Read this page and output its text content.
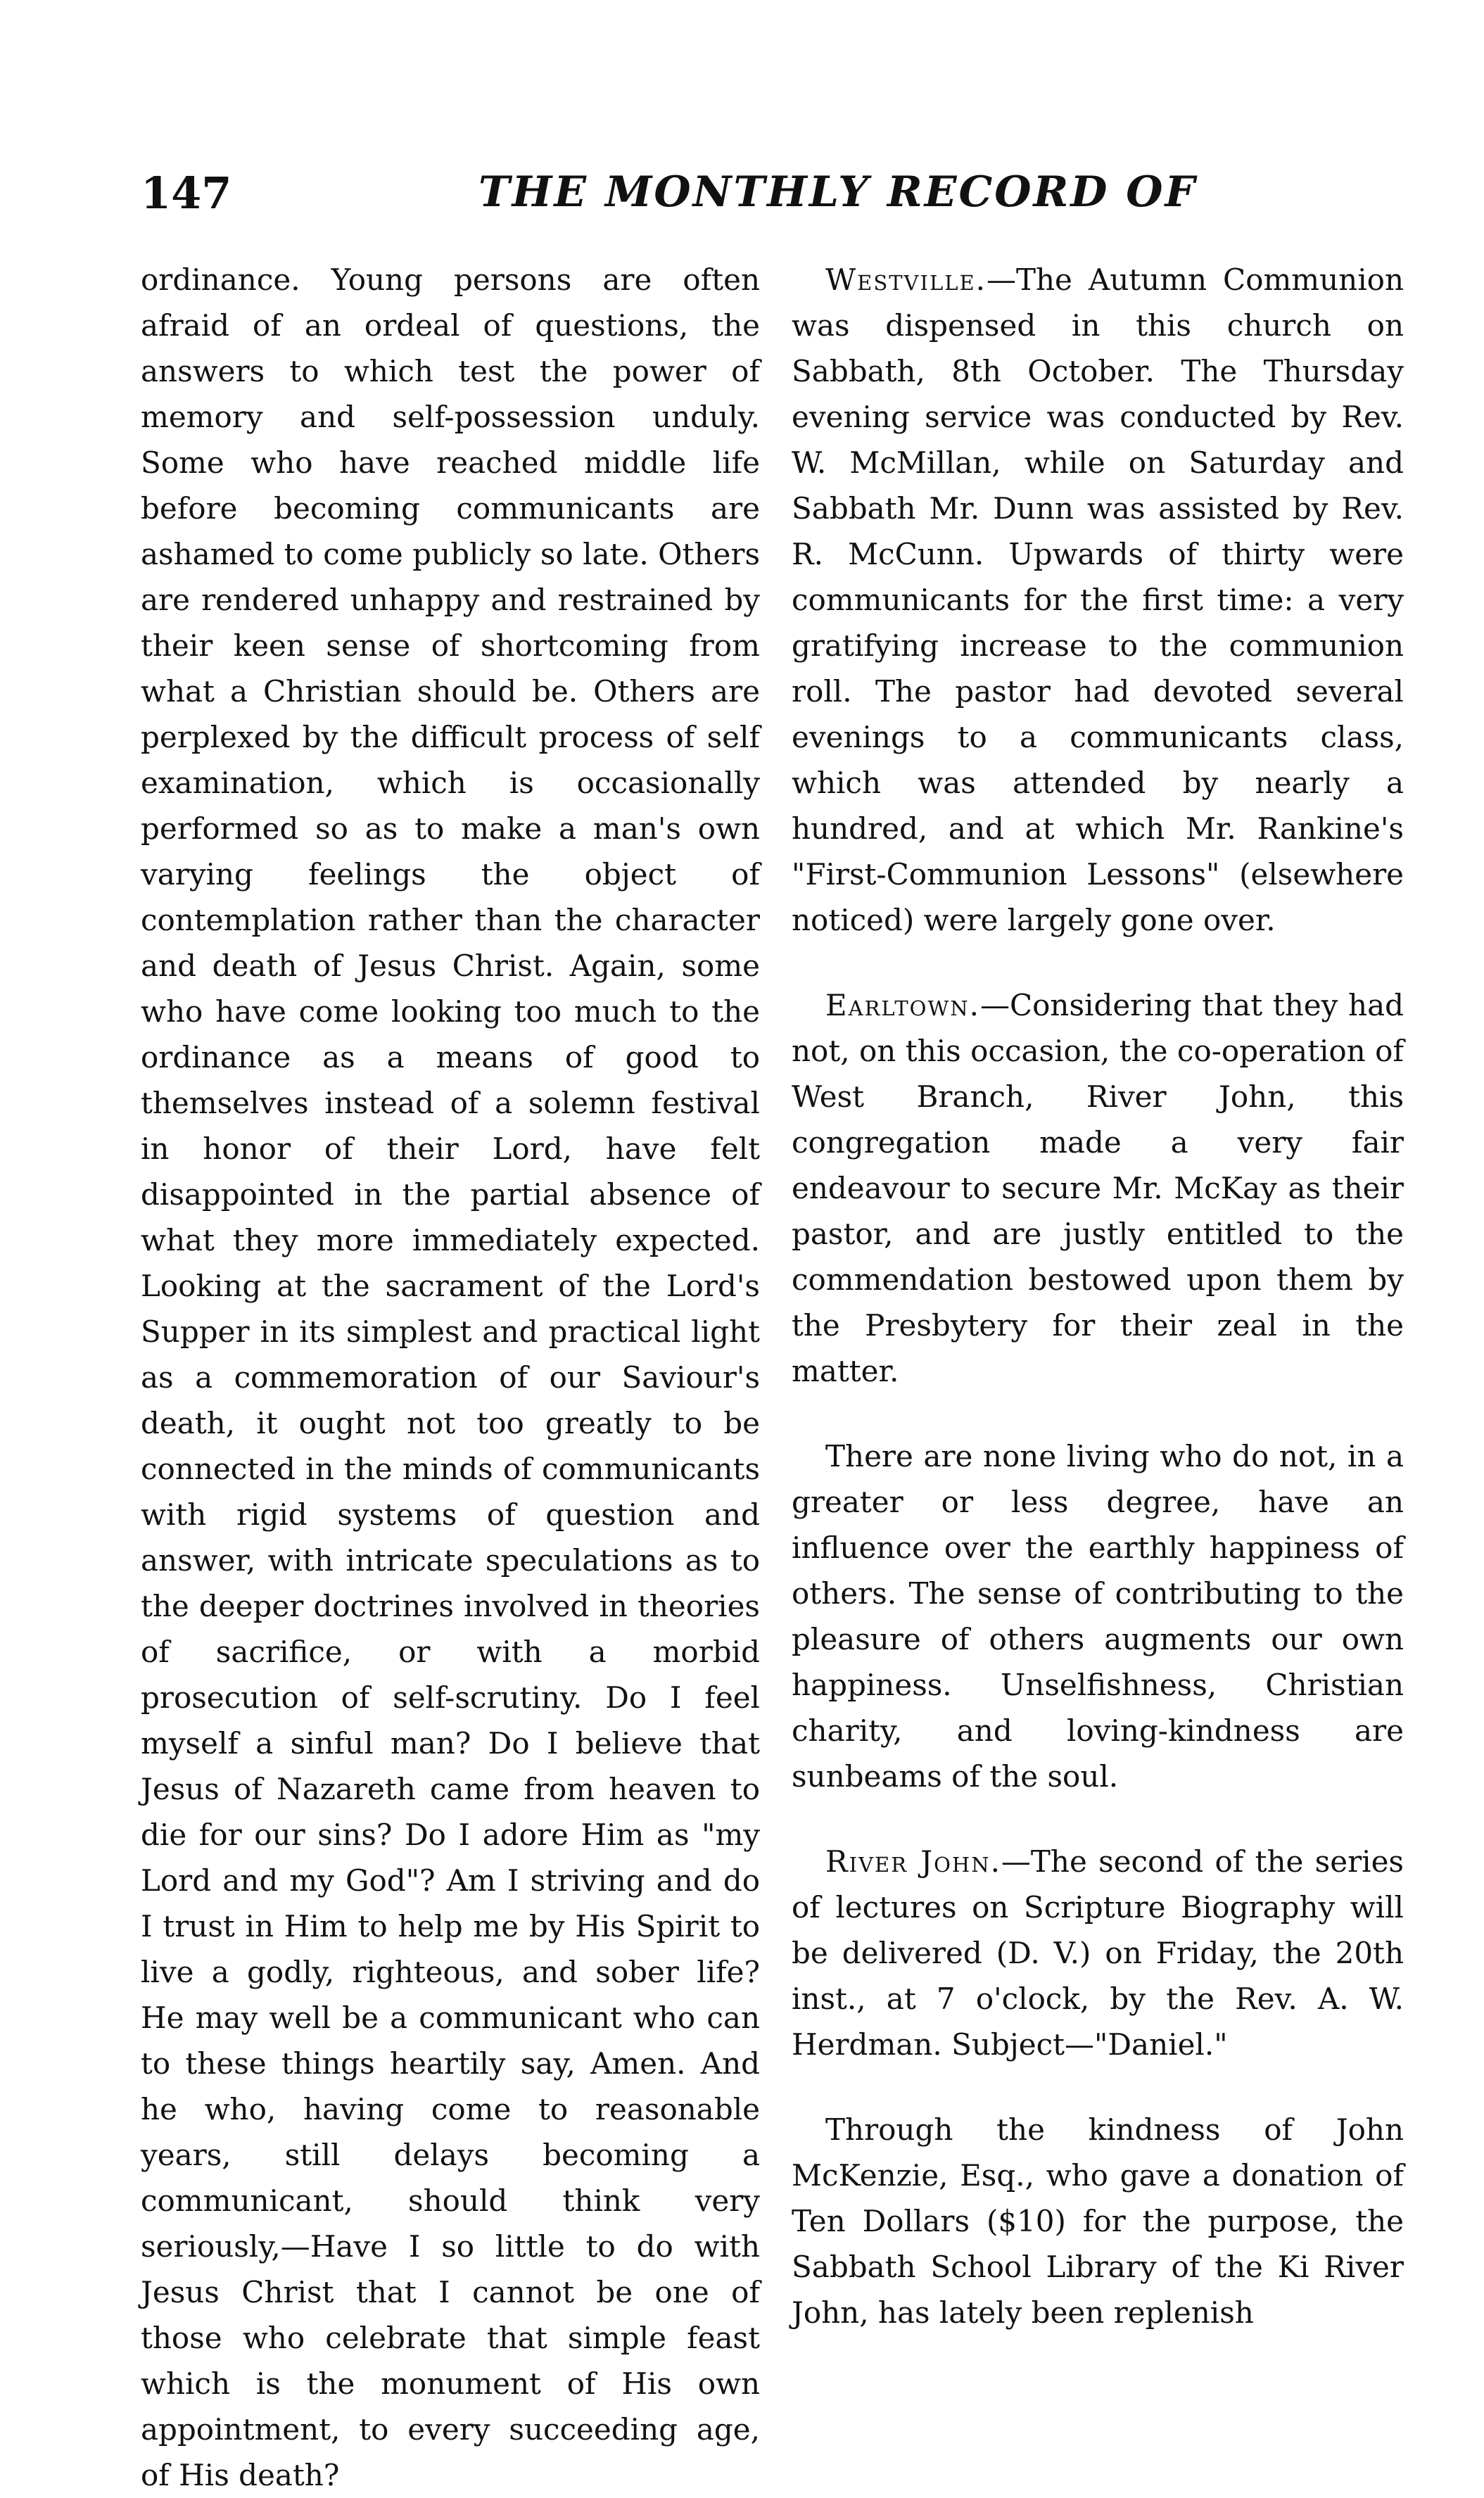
147	THE MONTHLY RECORD OF

ordinance. Young persons are often afraid of an ordeal of questions, the answers to which test the power of memory and self-possession unduly. Some who have reached middle life before becoming communicants are ashamed to come publicly so late. Others are rendered unhappy and restrained by their keen sense of shortcoming from what a Christian should be. Others are perplexed by the difficult process of self examination, which is occasionally performed so as to make a man's own varying feelings the object of contemplation rather than the character and death of Jesus Christ. Again, some who have come looking too much to the ordinance as a means of good to themselves instead of a solemn festival in honor of their Lord, have felt disappointed in the partial absence of what they more immediately expected. Looking at the sacrament of the Lord's Supper in its simplest and practical light as a commemoration of our Saviour's death, it ought not too greatly to be connected in the minds of communicants with rigid systems of question and answer, with intricate speculations as to the deeper doctrines involved in theories of sacrifice, or with a morbid prosecution of self-scrutiny. Do I feel myself a sinful man? Do I believe that Jesus of Nazareth came from heaven to die for our sins? Do I adore Him as "my Lord and my God"? Am I striving and do I trust in Him to help me by His Spirit to live a godly, righteous, and sober life? He may well be a communicant who can to these things heartily say, Amen. And he who, having come to reasonable years, still delays becoming a communicant, should think very seriously,—Have I so little to do with Jesus Christ that I cannot be one of those who celebrate that simple feast which is the monument of His own appointment, to every succeeding age, of His death?

Westville.—The Autumn Communion was dispensed in this church on Sabbath, 8th October. The Thursday evening service was conducted by Rev. W. McMillan, while on Saturday and Sabbath Mr. Dunn was assisted by Rev. R. McCunn. Upwards of thirty were communicants for the first time: a very gratifying increase to the communion roll. The pastor had devoted several evenings to a communicants class, which was attended by nearly a hundred, and at which Mr. Rankine's "First-Communion Lessons" (elsewhere noticed) were largely gone over.

Earltown.—Considering that they had not, on this occasion, the co-operation of West Branch, River John, this congregation made a very fair endeavour to secure Mr. McKay as their pastor, and are justly entitled to the commendation bestowed upon them by the Presbytery for their zeal in the matter.

There are none living who do not, in a greater or less degree, have an influence over the earthly happiness of others. The sense of contributing to the pleasure of others augments our own happiness. Unselfishness, Christian charity, and loving-kindness are sunbeams of the soul.

River John.—The second of the series of lectures on Scripture Biography will be delivered (D. V.) on Friday, the 20th inst., at 7 o'clock, by the Rev. A. W. Herdman. Subject—"Daniel."

Through the kindness of John McKenzie, Esq., who gave a donation of Ten Dollars ($10) for the purpose, the Sabbath School Library of the Ki River John, has lately been replenish
